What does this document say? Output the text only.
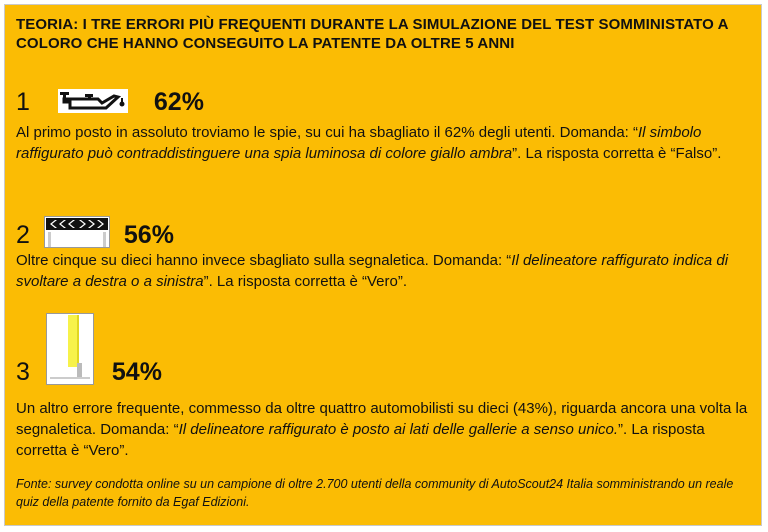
TEORIA: I TRE ERRORI PIÙ FREQUENTI DURANTE LA SIMULAZIONE DEL TEST SOMMINISTATO A COLORO CHE HANNO CONSEGUITO LA PATENTE DA OLTRE 5 ANNI
1	62%
Al primo posto in assoluto troviamo le spie, su cui ha sbagliato il 62% degli utenti. Domanda: “Il simbolo raffigurato può contraddistinguere una spia luminosa di colore giallo ambra”. La risposta corretta è “Falso”.
2	56%
Oltre cinque su dieci hanno invece sbagliato sulla segnaletica. Domanda: “Il delineatore raffigurato indica di svoltare a destra o a sinistra”. La risposta corretta è “Vero”.
3	54%
Un altro errore frequente, commesso da oltre quattro automobilisti su dieci (43%), riguarda ancora una volta la segnaletica. Domanda: “Il delineatore raffigurato è posto ai lati delle gallerie a senso unico.”. La risposta corretta è “Vero”.
Fonte: survey condotta online su un campione di oltre 2.700 utenti della community di AutoScout24 Italia somministrando un reale quiz della patente fornito da Egaf Edizioni.
